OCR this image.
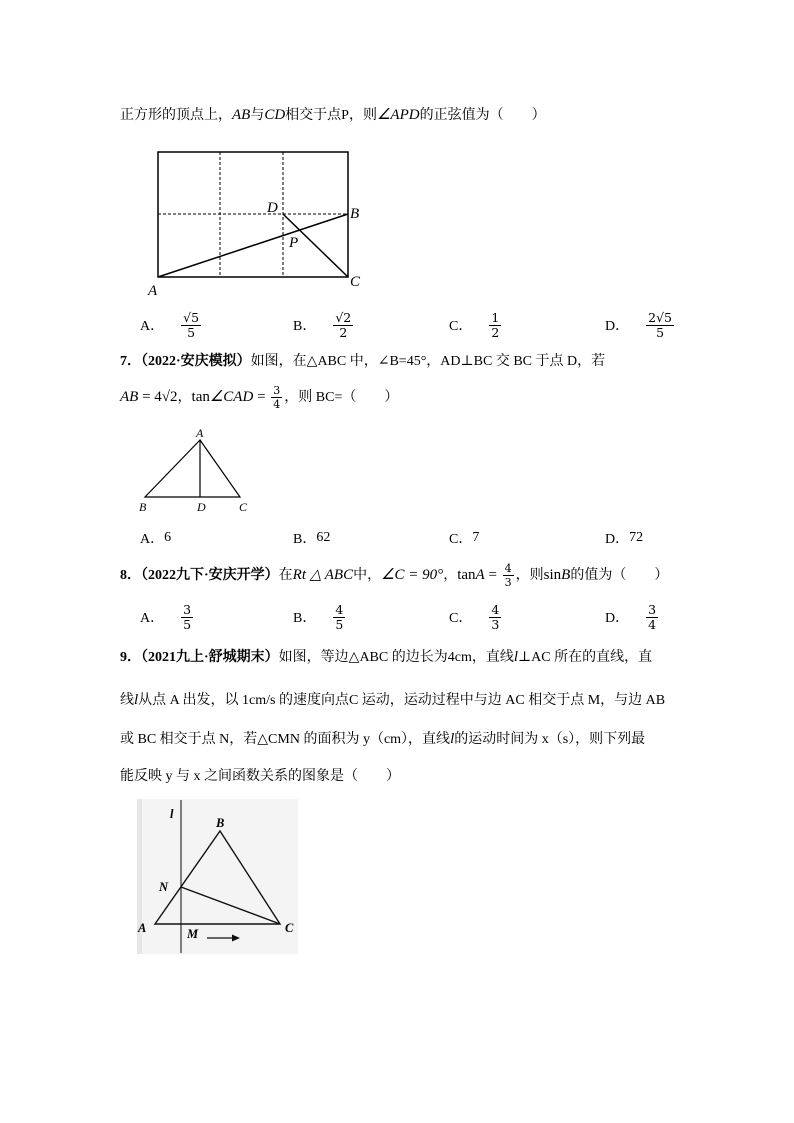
正方形的顶点上，AB与CD相交于点P，则∠APD的正弦值为（　　）
D	B
P
A
C
A． $\frac{√5}{5}$	B． $\frac{√2}{2}$	C． $\frac{1}{2}$	D． $\frac{2√5}{5}$
7．（2022·安庆模拟）如图，在△ABC 中，∠B=45°，AD⊥BC 交 BC 于点 D，若
AB = 4√2，tan∠CAD = $\frac{3}{4}$ ，则 BC=（　　）
A
B	D	C
A． 6	B． 62	C． 7	D． 72
8．（2022九下·安庆开学）在Rt △ ABC中，∠C = 90°，$\tan A = \frac{4}{3}$ ，则sinB的值为（　　）
A． $\frac{3}{5}$	B． $\frac{4}{5}$	C． $\frac{4}{3}$	D． $\frac{3}{4}$
9．（2021九上·舒城期末）如图，等边△ABC 的边长为4cm，直线l⊥AC 所在的直线，直
线l从点 A 出发，以 1cm/s 的速度向点C 运动，运动过程中与边 AC 相交于点 M，与边 AB
或 BC 相交于点 N，若△CMN 的面积为 y（cm），直线l的运动时间为 x（s），则下列最
能反映 y 与 x 之间函数关系的图象是（　　）
l
B
N
A	M	C
